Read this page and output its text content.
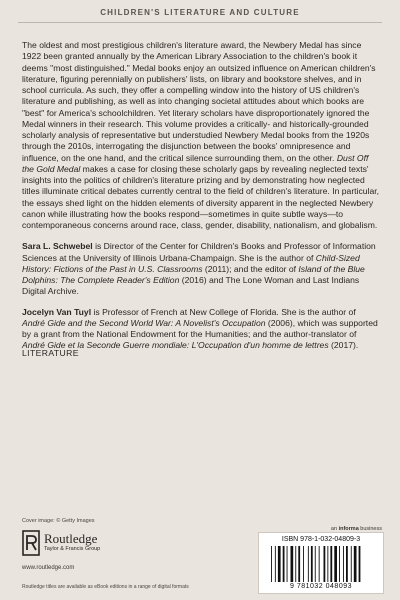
CHILDREN'S LITERATURE AND CULTURE

The oldest and most prestigious children's literature award, the Newbery Medal has since 1922 been granted annually by the American Library Association to the children's book it deems "most distinguished." Medal books enjoy an outsized influence on American children's literature, figuring perennially on publishers' lists, on library and bookstore shelves, and in school curricula. As such, they offer a compelling window into the history of US children's literature and publishing, as well as into changing societal attitudes about which books are "best" for America's schoolchildren. Yet literary scholars have disproportionately ignored the Medal winners in their research. This volume provides a critically- and historically-grounded scholarly analysis of representative but understudied Newbery Medal books from the 1920s through the 2010s, interrogating the disjunction between the books' omnipresence and influence, on the one hand, and the critical silence surrounding them, on the other. Dust Off the Gold Medal makes a case for closing these scholarly gaps by revealing neglected texts' insights into the politics of children's literature prizing and by demonstrating how neglected titles illuminate critical debates currently central to the field of children's literature. In particular, the essays shed light on the hidden elements of diversity apparent in the neglected Newbery canon while illustrating how the books respond—sometimes in quite subtle ways—to contemporaneous concerns around race, class, gender, disability, nationalism, and globalism.

Sara L. Schwebel is Director of the Center for Children's Books and Professor of Information Sciences at the University of Illinois Urbana-Champaign. She is the author of Child-Sized History: Fictions of the Past in U.S. Classrooms (2011); and the editor of Island of the Blue Dolphins: The Complete Reader's Edition (2016) and The Lone Woman and Last Indians Digital Archive.

Jocelyn Van Tuyl is Professor of French at New College of Florida. She is the author of André Gide and the Second World War: A Novelist's Occupation (2006), which was supported by a grant from the National Endowment for the Humanities; and the author-translator of André Gide et la Seconde Guerre mondiale: L'Occupation d'un homme de lettres (2017).

LITERATURE
Cover image: © Getty Images
Routledge
Taylor & Francis Group
www.routledge.com
Routledge titles are available as eBook editions in a range of digital formats
an informa business
ISBN 978-1-032-04809-3
9 781032 048093
